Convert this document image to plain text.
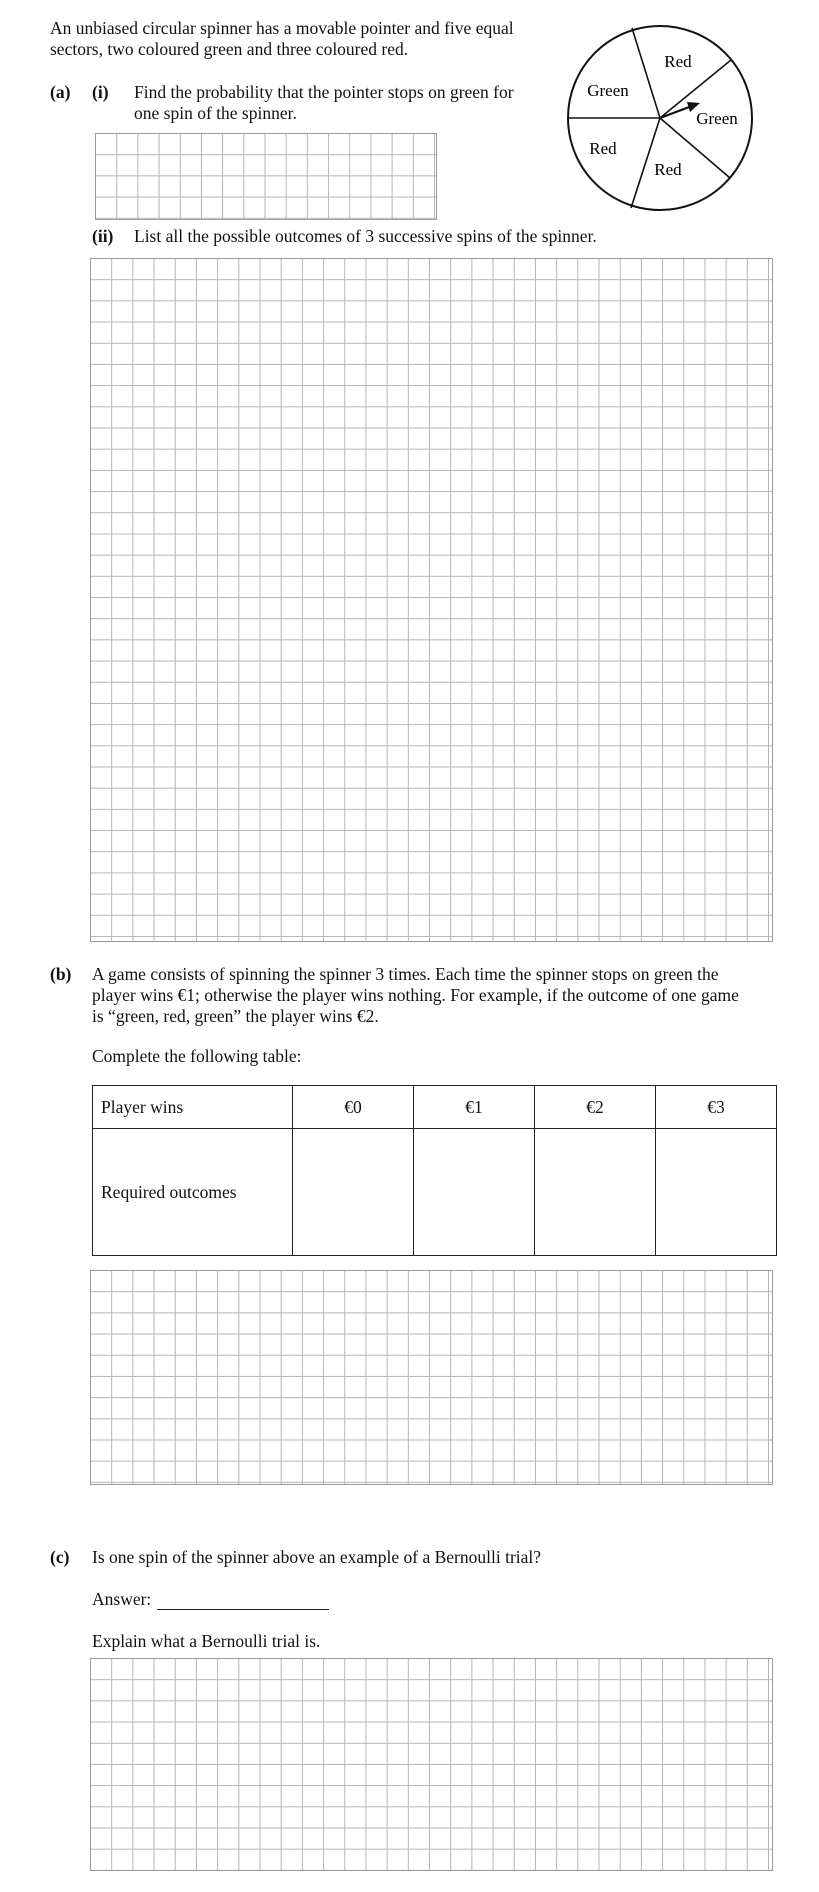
An unbiased circular spinner has a movable pointer and five equal
sectors, two coloured green and three coloured red.
Red
Green
Red
Red
Green
(a) (i) Find the probability that the pointer stops on green for
one spin of the spinner.
(ii) List all the possible outcomes of 3 successive spins of the spinner.
(b) A game consists of spinning the spinner 3 times. Each time the spinner stops on green the
player wins €1; otherwise the player wins nothing. For example, if the outcome of one game
is “green, red, green” the player wins €2.
Complete the following table:
Player wins	€0	€1	€2	€3
Required outcomes				
(c) Is one spin of the spinner above an example of a Bernoulli trial?
Answer:
Explain what a Bernoulli trial is.
